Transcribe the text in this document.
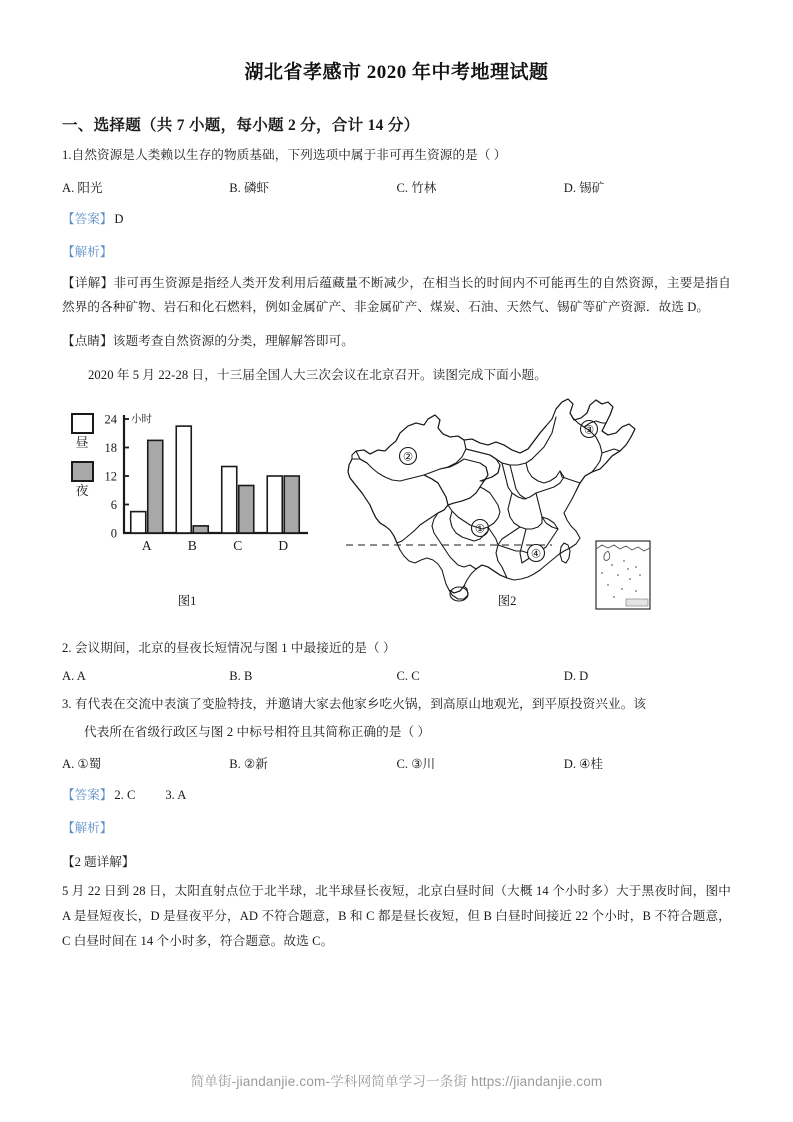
湖北省孝感市 2020 年中考地理试题
一、选择题（共 7 小题，每小题 2 分，合计 14 分）
1.自然资源是人类赖以生存的物质基础，下列选项中属于非可再生资源的是（ ）
A. 阳光	B. 磷虾	C. 竹林	D. 锡矿
【答案】 D
【解析】
【详解】非可再生资源是指经人类开发利用后蕴藏量不断减少，在相当长的时间内不可能再生的自然资源，主要是指自然界的各种矿物、岩石和化石燃料，例如金属矿产、非金属矿产、煤炭、石油、天然气、锡矿等矿产资源．故选 D。
【点睛】该题考查自然资源的分类，理解解答即可。
2020 年 5 月 22-28 日，十三届全国人大三次会议在北京召开。读图完成下面小题。
昼
夜
0
6
12
18
24 小时
A	B	C	D
图1
①
②
③
④
图2
2. 会议期间，北京的昼夜长短情况与图 1 中最接近的是（ ）
A. A	B. B	C. C	D. D
3. 有代表在交流中表演了变脸特技，并邀请大家去他家乡吃火锅，到高原山地观光，到平原投资兴业。该
代表所在省级行政区与图 2 中标号相符且其简称正确的是（ ）
A. ①蜀	B. ②新	C. ③川	D. ④桂
【答案】 2. C 3. A
【解析】
【2 题详解】
5 月 22 日到 28 日，太阳直射点位于北半球，北半球昼长夜短，北京白昼时间（大概 14 个小时多）大于黑夜时间，图中 A 是昼短夜长，D 是昼夜平分，AD 不符合题意，B 和 C 都是昼长夜短，但 B 白昼时间接近 22 个小时，B 不符合题意，C 白昼时间在 14 个小时多，符合题意。故选 C。
简单街-jiandanjie.com-学科网简单学习一条街 https://jiandanjie.com
